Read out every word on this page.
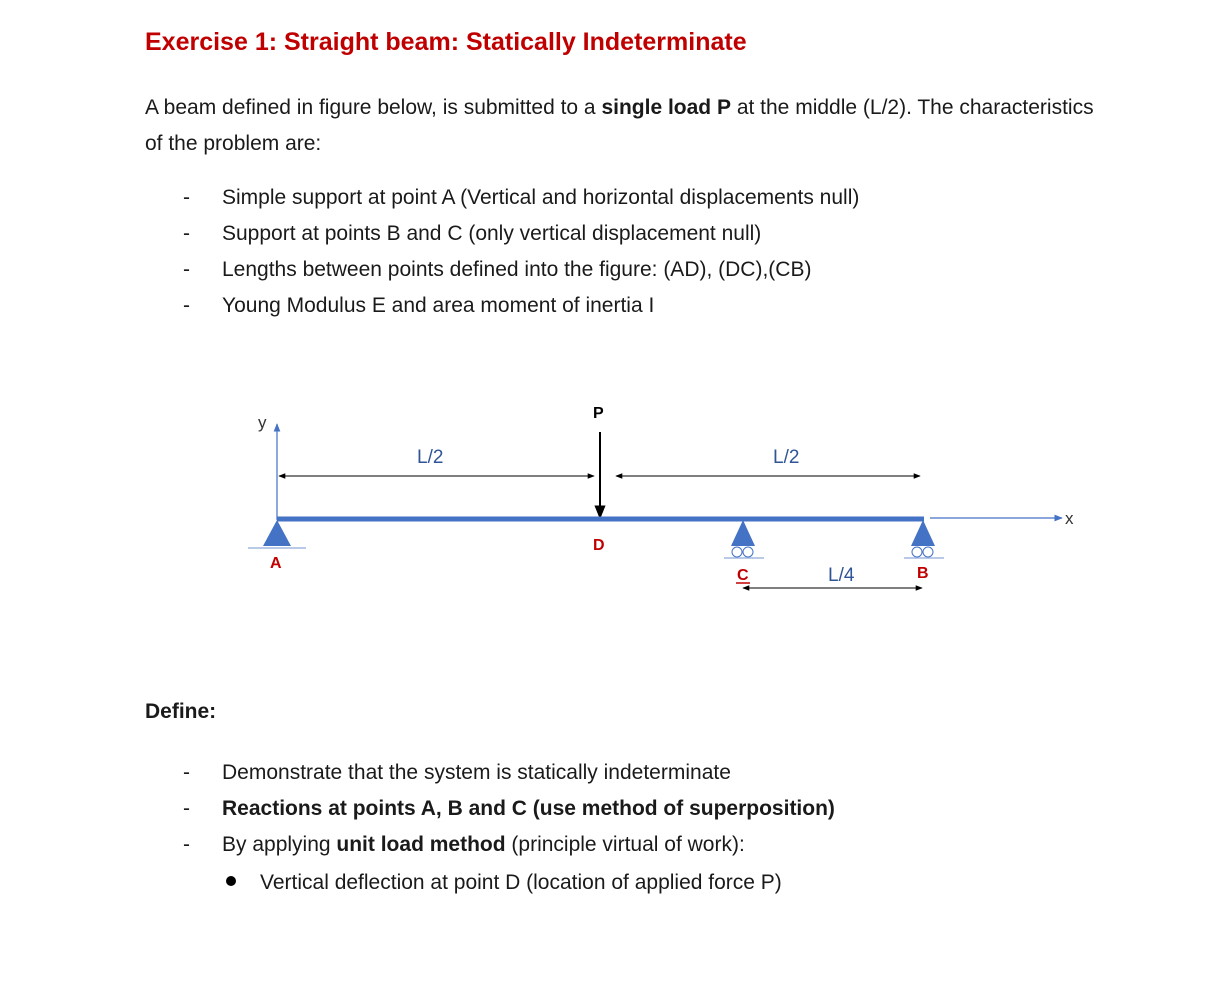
Exercise 1: Straight beam: Statically Indeterminate

A beam defined in figure below, is submitted to a single load P at the middle (L/2). The characteristics of the problem are:

- Simple support at point A (Vertical and horizontal displacements null)
- Support at points B and C (only vertical displacement null)
- Lengths between points defined into the figure: (AD), (DC),(CB)
- Young Modulus E and area moment of inertia I
y
x
L/2	L/2
P
A
D
C	B
L/4

Define:

- Demonstrate that the system is statically indeterminate
- Reactions at points A, B and C (use method of superposition)
- By applying unit load method (principle virtual of work):
Vertical deflection at point D (location of applied force P)
